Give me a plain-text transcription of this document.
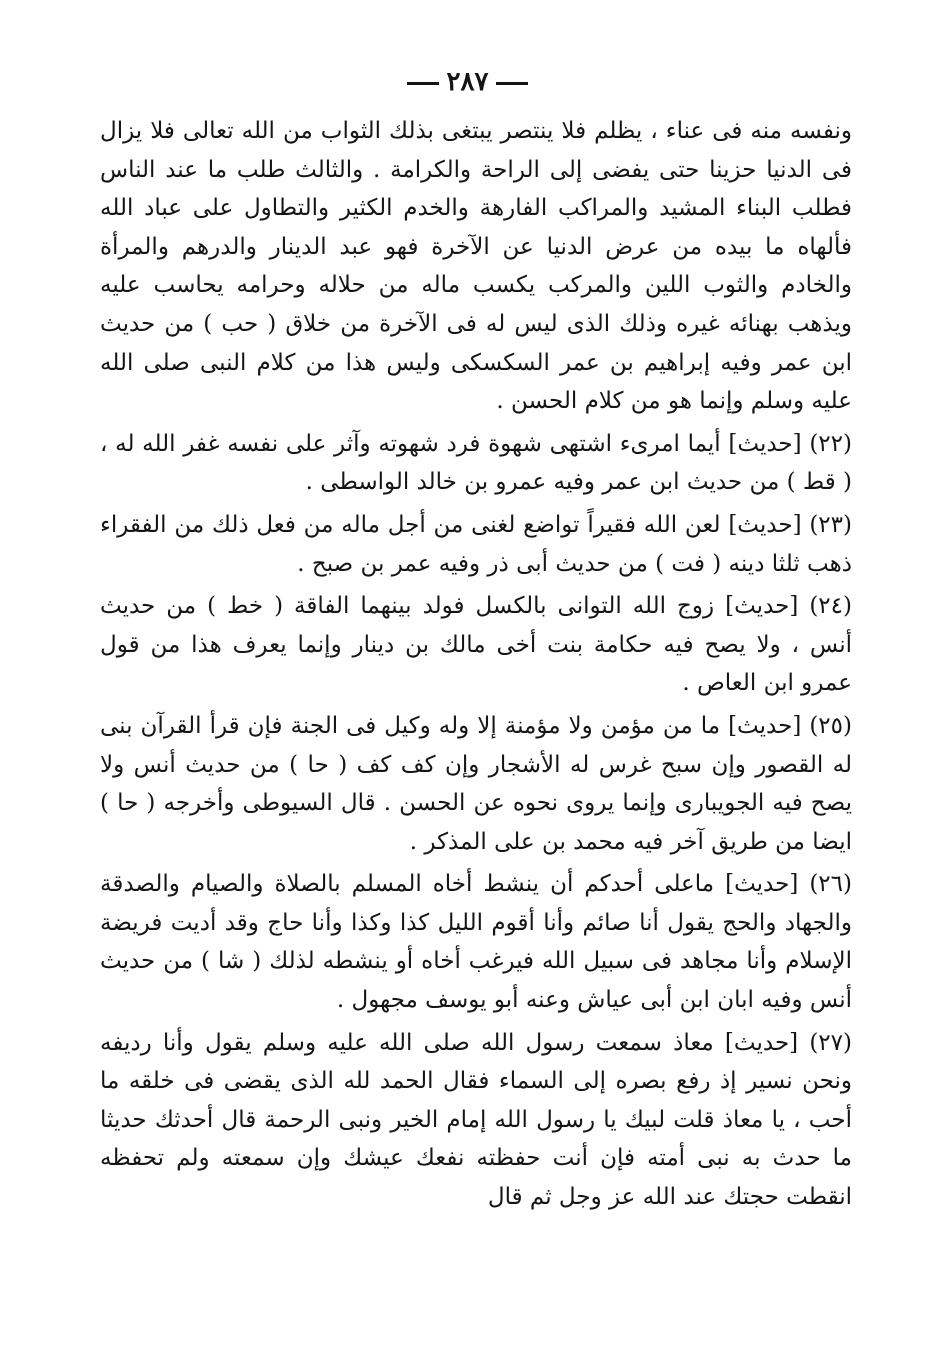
٢٨٧

ونفسه منه فى عناء ، يظلم فلا ينتصر يبتغى بذلك الثواب من الله تعالى فلا يزال فى الدنيا حزينا حتى يفضى إلى الراحة والكرامة . والثالث طلب ما عند الناس فطلب البناء المشيد والمراكب الفارهة والخدم الكثير والتطاول على عباد الله فألهاه ما بيده من عرض الدنيا عن الآخرة فهو عبد الدينار والدرهم والمرأة والخادم والثوب اللين والمركب يكسب ماله من حلاله وحرامه يحاسب عليه ويذهب بهنائه غيره وذلك الذى ليس له فى الآخرة من خلاق ( حب ) من حديث ابن عمر وفيه إبراهيم بن عمر السكسكى وليس هذا من كلام النبى صلى الله عليه وسلم وإنما هو من كلام الحسن .

(٢٢) [حديث] أيما امرىء اشتهى شهوة فرد شهوته وآثر على نفسه غفر الله له ، ( قط ) من حديث ابن عمر وفيه عمرو بن خالد الواسطى .

(٢٣) [حديث] لعن الله فقيراً تواضع لغنى من أجل ماله من فعل ذلك من الفقراء ذهب ثلثا دينه ( فت ) من حديث أبى ذر وفيه عمر بن صبح .

(٢٤) [حديث] زوج الله التوانى بالكسل فولد بينهما الفاقة ( خط ) من حديث أنس ، ولا يصح فيه حكامة بنت أخى مالك بن دينار وإنما يعرف هذا من قول عمرو ابن العاص .

(٢٥) [حديث] ما من مؤمن ولا مؤمنة إلا وله وكيل فى الجنة فإن قرأ القرآن بنى له القصور وإن سبح غرس له الأشجار وإن كف كف ( حا ) من حديث أنس ولا يصح فيه الجويبارى وإنما يروى نحوه عن الحسن . قال السيوطى وأخرجه ( حا ) ايضا من طريق آخر فيه محمد بن على المذكر .

(٢٦) [حديث] ماعلى أحدكم أن ينشط أخاه المسلم بالصلاة والصيام والصدقة والجهاد والحج يقول أنا صائم وأنا أقوم الليل كذا وكذا وأنا حاج وقد أديت فريضة الإسلام وأنا مجاهد فى سبيل الله فيرغب أخاه أو ينشطه لذلك ( شا ) من حديث أنس وفيه ابان ابن أبى عياش وعنه أبو يوسف مجهول .

(٢٧) [حديث] معاذ سمعت رسول الله صلى الله عليه وسلم يقول وأنا رديفه ونحن نسير إذ رفع بصره إلى السماء فقال الحمد لله الذى يقضى فى خلقه ما أحب ، يا معاذ قلت لبيك يا رسول الله إمام الخير ونبى الرحمة قال أحدثك حديثا ما حدث به نبى أمته فإن أنت حفظته نفعك عيشك وإن سمعته ولم تحفظه انقطت حجتك عند الله عز وجل ثم قال
